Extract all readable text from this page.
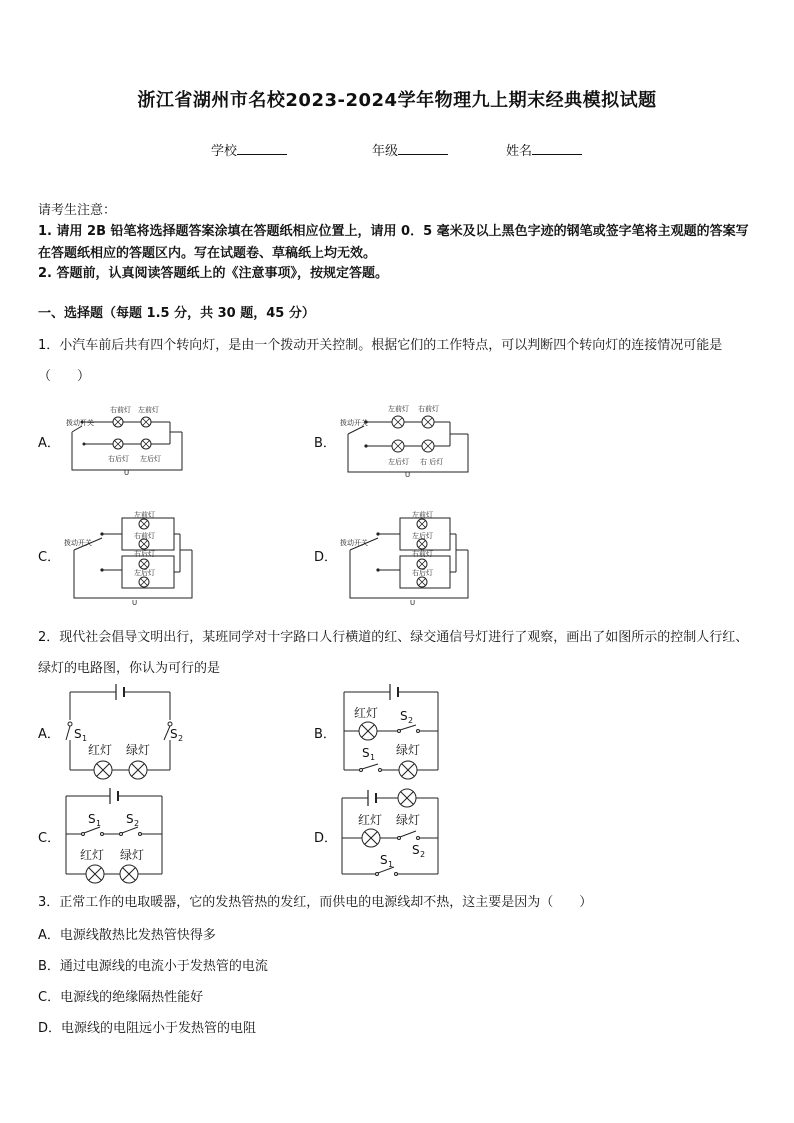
浙江省湖州市名校2023-2024学年物理九上期末经典模拟试题
学校	年级	姓名
请考生注意：
1. 请用 2B 铅笔将选择题答案涂填在答题纸相应位置上，请用 0．5 毫米及以上黑色字迹的钢笔或签字笔将主观题的答案写在答题纸相应的答题区内。写在试题卷、草稿纸上均无效。
2. 答题前，认真阅读答题纸上的《注意事项》，按规定答题。
一、选择题（每题 1.5 分，共 30 题，45 分）
1．小汽车前后共有四个转向灯，是由一个拨动开关控制。根据它们的工作特点，可以判断四个转向灯的连接情况可能是（　　）
A．	B．
C．	D．
拨动开关
右前灯 左前灯
右后灯 左后灯
U
拨动开关
左前灯 右前灯
左后灯 右 后灯
U
拨动开关
左前灯
右前灯
右后灯
左后灯
U
拨动开关
左前灯
左后灯
右前灯
右后灯
U
2．现代社会倡导文明出行，某班同学对十字路口人行横道的红、绿交通信号灯进行了观察，画出了如图所示的控制人行红、绿灯的电路图，你认为可行的是
A．	B．
C．	D．
S 1	S 2
红灯 绿灯
红灯 S 2
S 1
绿灯
S 1 S 2
红灯 绿灯
红灯 绿灯
S 2
S 1
3．正常工作的电取暖器，它的发热管热的发红，而供电的电源线却不热，这主要是因为（　　）
A．电源线散热比发热管快得多
B．通过电源线的电流小于发热管的电流
C．电源线的绝缘隔热性能好
D．电源线的电阻远小于发热管的电阻
